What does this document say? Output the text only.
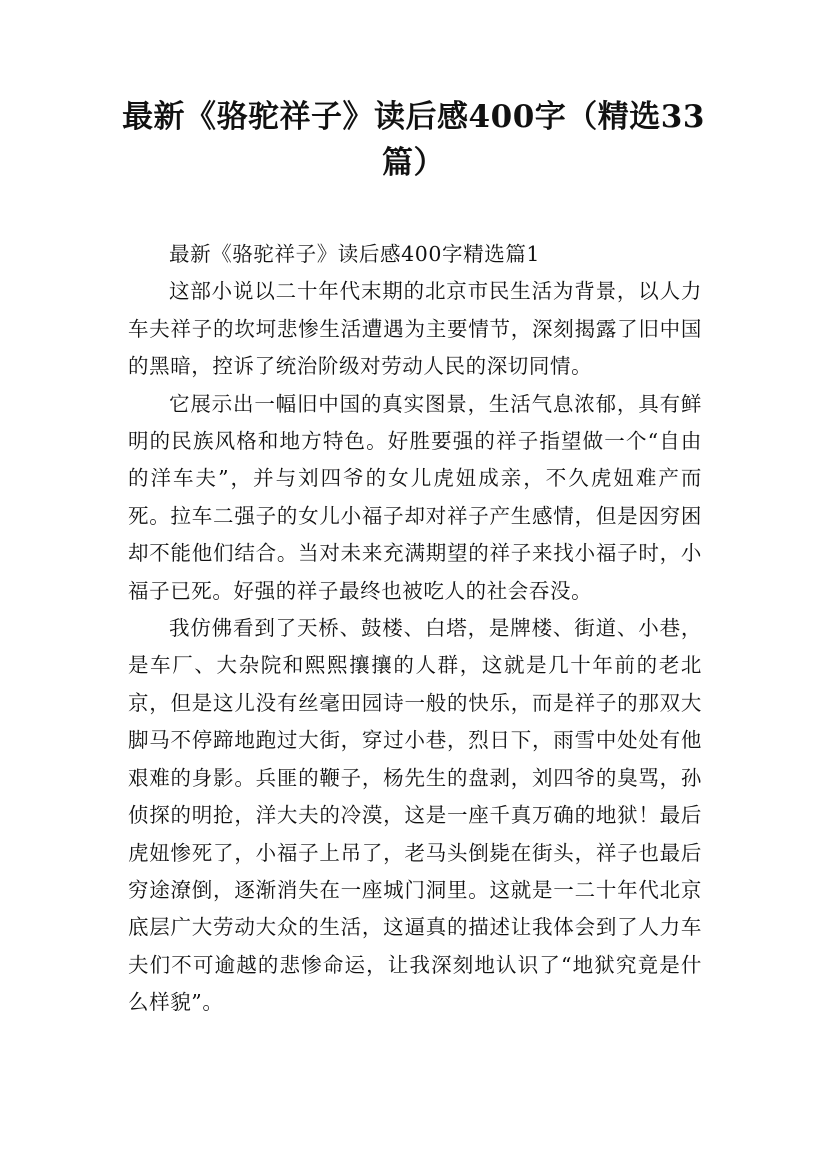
最新《骆驼祥子》读后感400字（精选33篇）

最新《骆驼祥子》读后感400字精选篇1

这部小说以二十年代末期的北京市民生活为背景，以人力车夫祥子的坎坷悲惨生活遭遇为主要情节，深刻揭露了旧中国的黑暗，控诉了统治阶级对劳动人民的深切同情。

它展示出一幅旧中国的真实图景，生活气息浓郁，具有鲜明的民族风格和地方特色。好胜要强的祥子指望做一个“自由的洋车夫”，并与刘四爷的女儿虎妞成亲，不久虎妞难产而死。拉车二强子的女儿小福子却对祥子产生感情，但是因穷困却不能他们结合。当对未来充满期望的祥子来找小福子时，小福子已死。好强的祥子最终也被吃人的社会吞没。

我仿佛看到了天桥、鼓楼、白塔，是牌楼、街道、小巷，是车厂、大杂院和熙熙攘攘的人群，这就是几十年前的老北京，但是这儿没有丝毫田园诗一般的快乐，而是祥子的那双大脚马不停蹄地跑过大街，穿过小巷，烈日下，雨雪中处处有他艰难的身影。兵匪的鞭子，杨先生的盘剥，刘四爷的臭骂，孙侦探的明抢，洋大夫的冷漠，这是一座千真万确的地狱！最后虎妞惨死了，小福子上吊了，老马头倒毙在街头，祥子也最后穷途潦倒，逐渐消失在一座城门洞里。这就是一二十年代北京底层广大劳动大众的生活，这逼真的描述让我体会到了人力车夫们不可逾越的悲惨命运，让我深刻地认识了“地狱究竟是什么样貌”。
